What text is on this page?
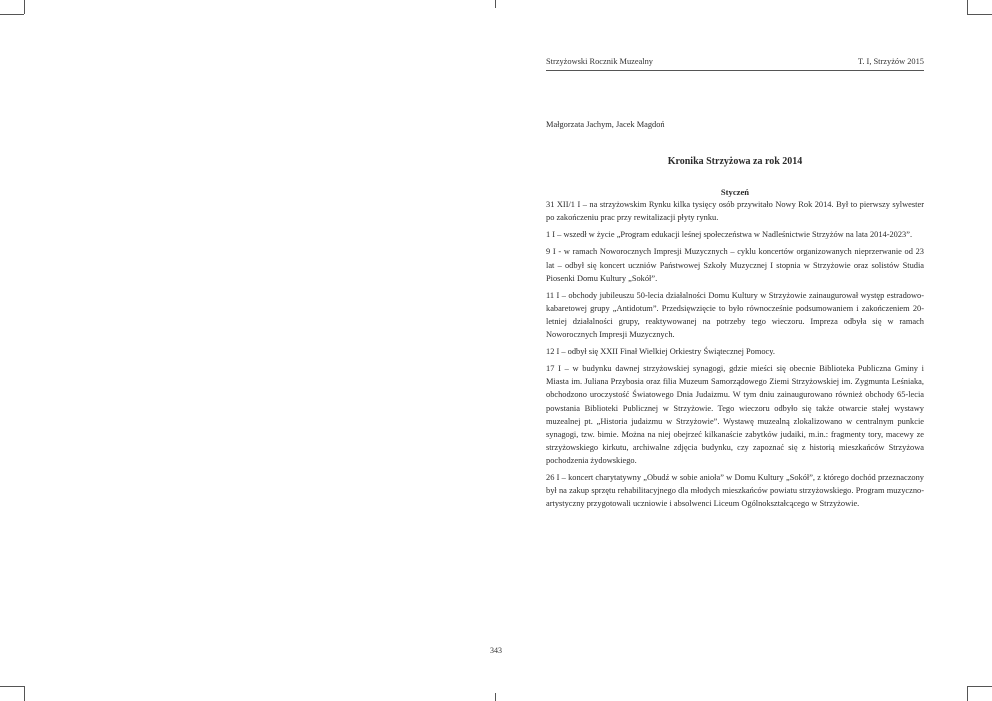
Strzyżowski Rocznik Muzealny	T. I, Strzyżów 2015

Małgorzata Jachym, Jacek Magdoń

Kronika Strzyżowa za rok 2014

Styczeń

31 XII/1 I – na strzyżowskim Rynku kilka tysięcy osób przywitało Nowy Rok 2014. Był to pierwszy sylwester po zakończeniu prac przy rewitalizacji płyty rynku.

1 I – wszedł w życie „Program edukacji leśnej społeczeństwa w Nadleśnictwie Strzyżów na lata 2014-2023”.

9 I - w ramach Noworocznych Impresji Muzycznych – cyklu koncertów organizowanych nieprzerwanie od 23 lat – odbył się koncert uczniów Państwowej Szkoły Muzycznej I stopnia w Strzyżowie oraz solistów Studia Piosenki Domu Kultury „Sokół”.

11 I – obchody jubileuszu 50-lecia działalności Domu Kultury w Strzyżowie zainaugurował występ estradowo-kabaretowej grupy „Antidotum”. Przedsięwzięcie to było równocześnie podsumowaniem i zakończeniem 20-letniej działalności grupy, reaktywowanej na potrzeby tego wieczoru. Impreza odbyła się w ramach Noworocznych Impresji Muzycznych.

12 I – odbył się XXII Finał Wielkiej Orkiestry Świątecznej Pomocy.

17 I – w budynku dawnej strzyżowskiej synagogi, gdzie mieści się obecnie Biblioteka Publiczna Gminy i Miasta im. Juliana Przybosia oraz filia Muzeum Samorządowego Ziemi Strzyżowskiej im. Zygmunta Leśniaka, obchodzono uroczystość Światowego Dnia Judaizmu. W tym dniu zainaugurowano również obchody 65-lecia powstania Biblioteki Publicznej w Strzyżowie. Tego wieczoru odbyło się także otwarcie stałej wystawy muzealnej pt. „Historia judaizmu w Strzyżowie”. Wystawę muzealną zlokalizowano w centralnym punkcie synagogi, tzw. bimie. Można na niej obejrzeć kilkanaście zabytków judaiki, m.in.: fragmenty tory, macewy ze strzyżowskiego kirkutu, archiwalne zdjęcia budynku, czy zapoznać się z historią mieszkańców Strzyżowa pochodzenia żydowskiego.

26 I – koncert charytatywny „Obudź w sobie anioła” w Domu Kultury „Sokół”, z którego dochód przeznaczony był na zakup sprzętu rehabilitacyjnego dla młodych mieszkańców powiatu strzyżowskiego. Program muzyczno-artystyczny przygotowali uczniowie i absolwenci Liceum Ogólnokształcącego w Strzyżowie.

343
